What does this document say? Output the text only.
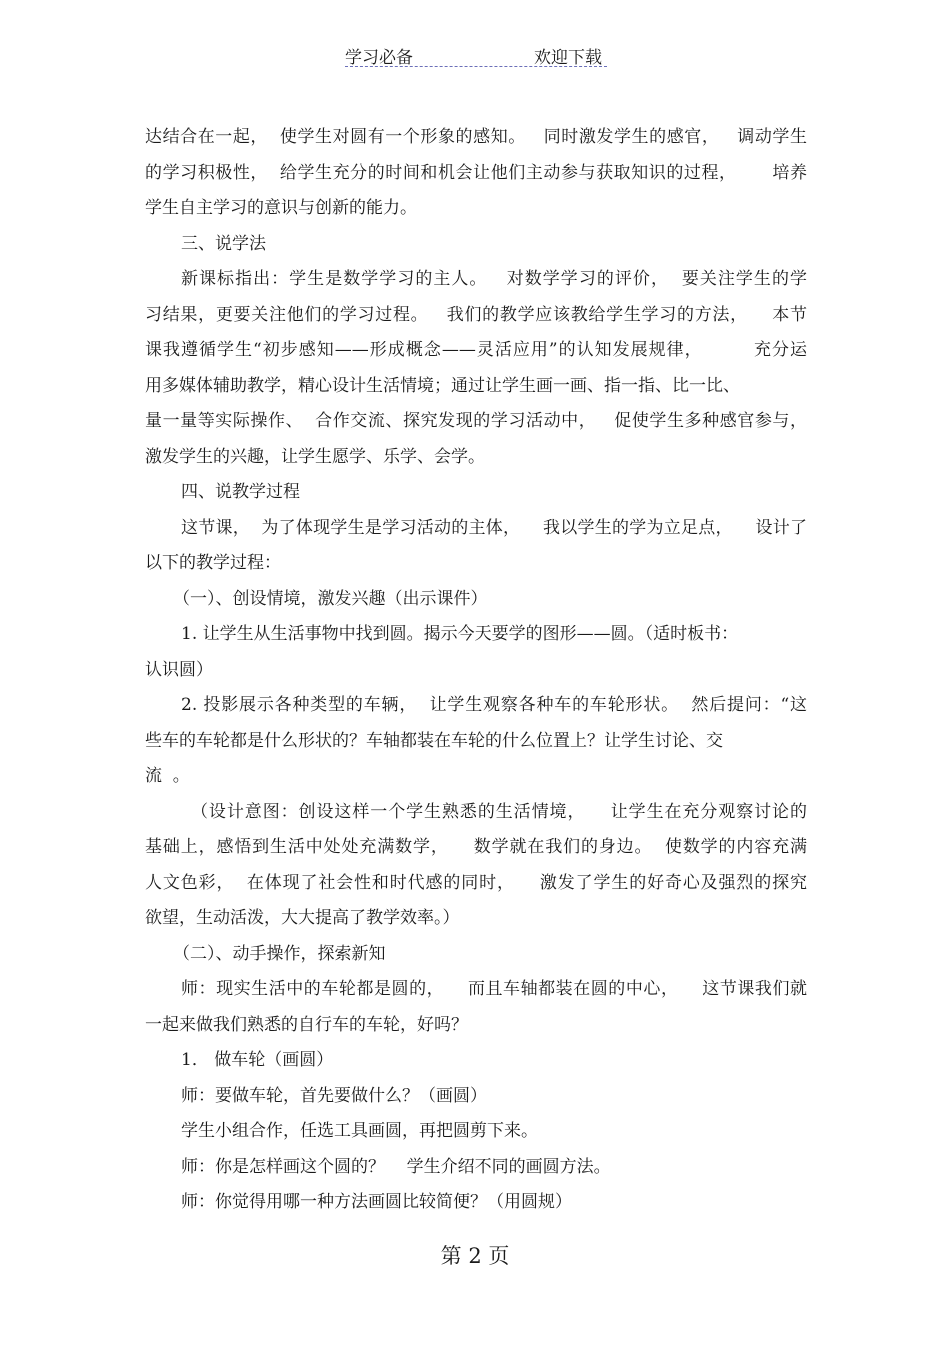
学习必备	欢迎下载

达结合在一起，  使学生对圆有一个形象的感知。   同时激发学生的感官，   调动学生

的学习积极性，  给学生充分的时间和机会让他们主动参与获取知识的过程，      培养

学生自主学习的意识与创新的能力。

三、说学法

新课标指出：学生是数学学习的主人。   对数学学习的评价，  要关注学生的学

习结果，更要关注他们的学习过程。   我们的教学应该教给学生学习的方法，    本节

课我遵循学生“初步感知——形成概念——灵活应用”的认知发展规律，        充分运

用多媒体辅助教学，精心设计生活情境；通过让学生画一画、指一指、比一比、

量一量等实际操作、  合作交流、探究发现的学习活动中，   促使学生多种感官参与，

激发学生的兴趣，让学生愿学、乐学、会学。

四、说教学过程

这节课，  为了体现学生是学习活动的主体，    我以学生的学为立足点，    设计了

以下的教学过程：

（一）、创设情境，激发兴趣（出示课件）

1. 让学生从生活事物中找到圆。揭示今天要学的图形——圆。（适时板书：

认识圆）

2. 投影展示各种类型的车辆，  让学生观察各种车的车轮形状。  然后提问：“这

些车的车轮都是什么形状的？车轴都装在车轮的什么位置上？让学生讨论、交

流  。

（设计意图：创设这样一个学生熟悉的生活情境，    让学生在充分观察讨论的

基础上，感悟到生活中处处充满数学，    数学就在我们的身边。  使数学的内容充满

人文色彩，  在体现了社会性和时代感的同时，    激发了学生的好奇心及强烈的探究

欲望，生动活泼，大大提高了教学效率。）

（二）、动手操作，探索新知

师：现实生活中的车轮都是圆的，    而且车轴都装在圆的中心，    这节课我们就

一起来做我们熟悉的自行车的车轮，好吗？

1． 做车轮（画圆）

师：要做车轮，首先要做什么？（画圆）

学生小组合作，任选工具画圆，再把圆剪下来。

师：你是怎样画这个圆的？    学生介绍不同的画圆方法。

师：你觉得用哪一种方法画圆比较简便？（用圆规）

第 2 页
